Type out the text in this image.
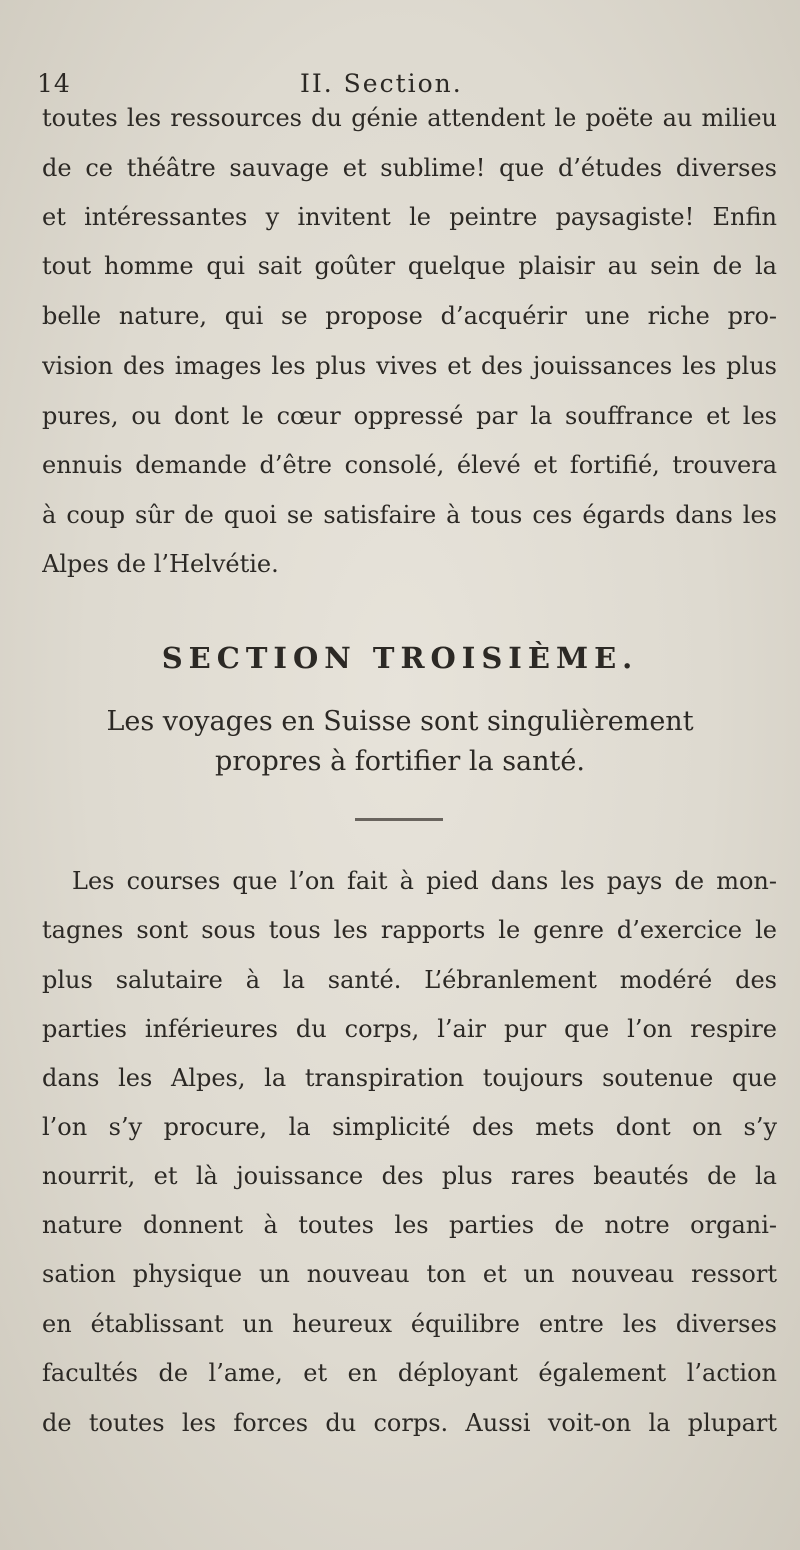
14	II. Section.
toutes les ressources du génie attendent le poëte au milieu
de ce théâtre sauvage et sublime! que d’études diverses
et intéressantes y invitent le peintre paysagiste! Enfin
tout homme qui sait goûter quelque plaisir au sein de la
belle nature, qui se propose d’acquérir une riche pro-
vision des images les plus vives et des jouissances les plus
pures, ou dont le cœur oppressé par la souffrance et les
ennuis demande d’être consolé, élevé et fortifié, trouvera
à coup sûr de quoi se satisfaire à tous ces égards dans les
Alpes de l’Helvétie.
SECTION TROISIÈME.
Les voyages en Suisse sont singulièrement
propres à fortifier la santé.
Les courses que l’on fait à pied dans les pays de mon-
tagnes sont sous tous les rapports le genre d’exercice le
plus salutaire à la santé. L’ébranlement modéré des
parties inférieures du corps, l’air pur que l’on respire
dans les Alpes, la transpiration toujours soutenue que
l’on s’y procure, la simplicité des mets dont on s’y
nourrit, et là jouissance des plus rares beautés de la
nature donnent à toutes les parties de notre organi-
sation physique un nouveau ton et un nouveau ressort
en établissant un heureux équilibre entre les diverses
facultés de l’ame, et en déployant également l’action
de toutes les forces du corps. Aussi voit-on la plupart
